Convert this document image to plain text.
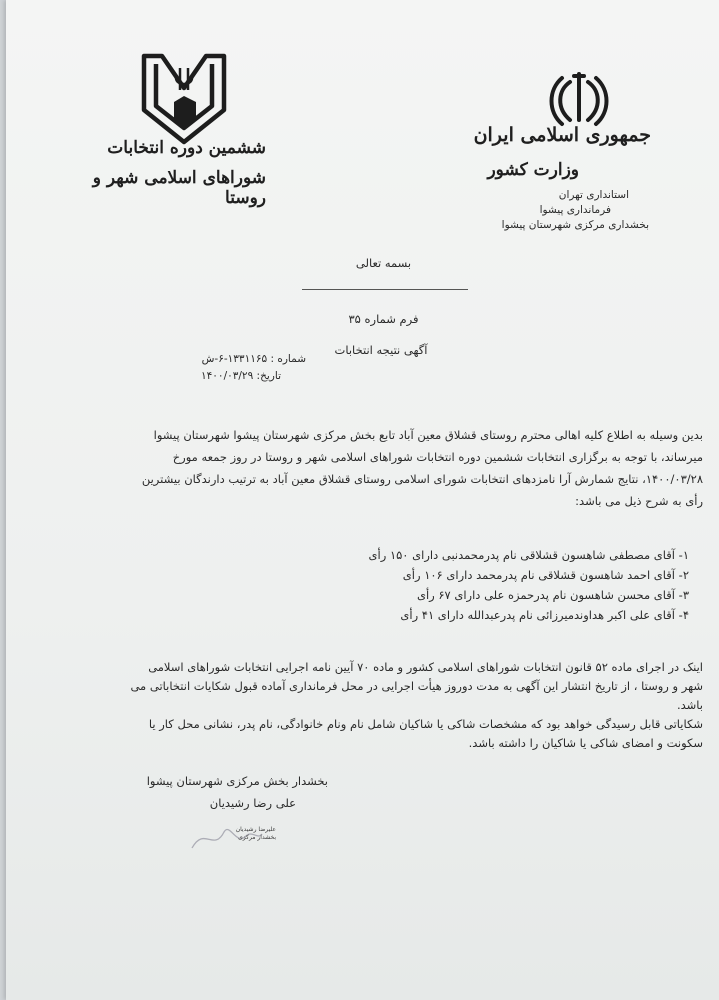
جمهوری اسلامی ایران
وزارت کشور
استانداری تهران
فرمانداری پیشوا
بخشداری مرکزی شهرستان پیشوا
ششمین دوره انتخابات
شوراهای اسلامی شهر و روستا
بسمه تعالی
فرم شماره ۳۵
آگهی نتیجه انتخابات
شماره : ۱۳۳۱۱۶۵-۶-ش
تاریخ: ۱۴۰۰/۰۳/۲۹
بدین وسیله به اطلاع کلیه اهالی محترم روستای قشلاق معین آباد تابع بخش مرکزی شهرستان پیشوا شهرستان پیشوا
میرساند، با توجه به برگزاری انتخابات ششمین دوره انتخابات شوراهای اسلامی شهر و روستا در روز جمعه مورخ
۱۴۰۰/۰۳/۲۸، نتایج شمارش آرا نامزدهای انتخابات شورای اسلامی روستای قشلاق معین آباد به ترتیب دارندگان بیشترین
رأی به شرح ذیل می باشد:
۱- آقای مصطفی شاهسون قشلاقی نام پدرمحمدنبی دارای ۱۵۰ رأی
۲- آقای احمد شاهسون قشلاقی نام پدرمحمد دارای ۱۰۶ رأی
۳- آقای محسن شاهسون نام پدرحمزه علی دارای ۶۷ رأی
۴- آقای علی اکبر هداوندمیرزائی نام پدرعبدالله دارای ۴۱ رأی
اینک در اجرای ماده ۵۲ قانون انتخابات شوراهای اسلامی کشور و ماده ۷۰ آیین نامه اجرایی انتخابات شوراهای اسلامی
شهر و روستا ، از تاریخ انتشار این آگهی به مدت دوروز هیأت اجرایی در محل فرمانداری آماده قبول شکایات انتخاباتی می
باشد.
شکایاتی قابل رسیدگی خواهد بود که مشخصات شاکی یا شاکیان شامل نام ونام خانوادگی، نام پدر، نشانی محل کار یا
سکونت و امضای شاکی یا شاکیان را داشته باشد.
بخشدار بخش مرکزی شهرستان پیشوا
علی رضا رشیدیان
علیرضا رشیدیان
بخشدار مرکزی
